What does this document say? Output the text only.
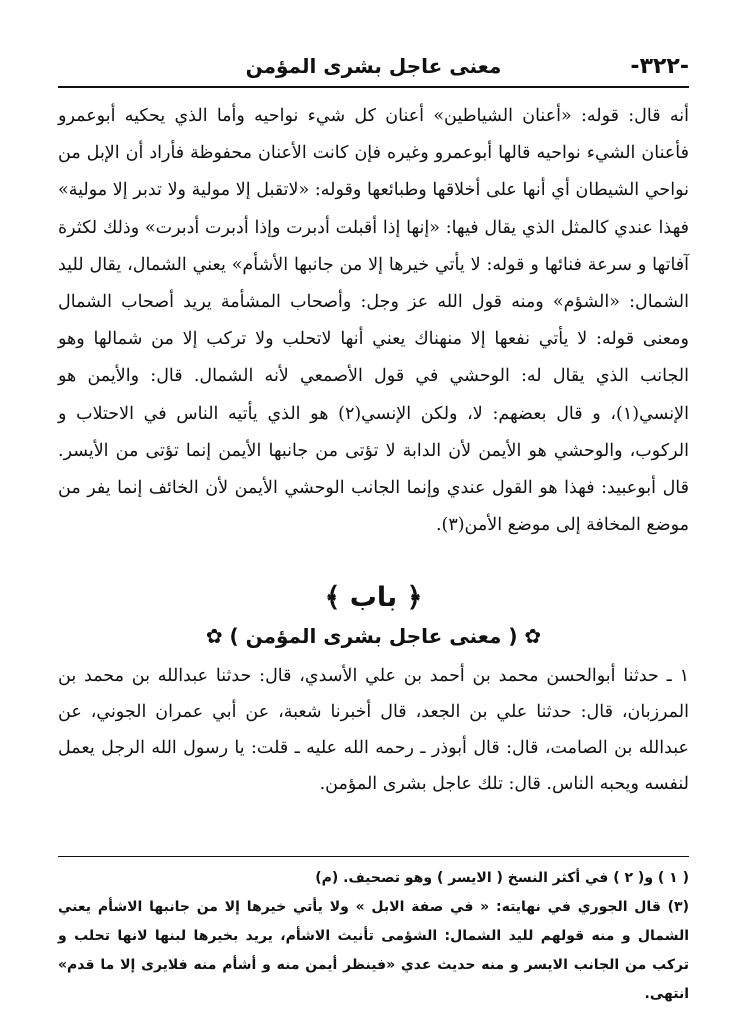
-٣٢٢-
معنى عاجل بشرى المؤمن

أنه قال: قوله: «أعنان الشياطين» أعنان كل شيء نواحيه وأما الذي يحكيه أبوعمرو فأعنان الشيء نواحيه قالها أبوعمرو وغيره فإن كانت الأعنان محفوظة فأراد أن الإبل من نواحي الشيطان أي أنها على أخلاقها وطبائعها وقوله: «لاتقبل إلا مولية ولا تدبر إلا مولية» فهذا عندي كالمثل الذي يقال فيها: «إنها إذا أقبلت أدبرت وإذا أدبرت أدبرت» وذلك لكثرة آفاتها و سرعة فنائها و قوله: لا يأتي خيرها إلا من جانبها الأشأم» يعني الشمال، يقال لليد الشمال: «الشؤم» ومنه قول الله عز وجل: وأصحاب المشأمة يريد أصحاب الشمال ومعنى قوله: لا يأتي نفعها إلا منهناك يعني أنها لاتحلب ولا تركب إلا من شمالها وهو الجانب الذي يقال له: الوحشي في قول الأصمعي لأنه الشمال. قال: والأيمن هو الإنسي(١)، و قال بعضهم: لا، ولكن الإنسي(٢) هو الذي يأتيه الناس في الاحتلاب و الركوب، والوحشي هو الأيمن لأن الدابة لا تؤتى من جانبها الأيمن إنما تؤتى من الأيسر. قال أبوعبيد: فهذا هو القول عندي وإنما الجانب الوحشي الأيمن لأن الخائف إنما يفر من موضع المخافة إلى موضع الأمن(٣).

﴿ باب ﴾
✿ ( معنى عاجل بشرى المؤمن ) ✿

١ ـ حدثنا أبوالحسن محمد بن أحمد بن علي الأسدي، قال: حدثنا عبدالله بن محمد بن المرزبان، قال: حدثنا علي بن الجعد، قال أخبرنا شعبة، عن أبي عمران الجوني، عن عبدالله بن الصامت، قال: قال أبوذر ـ رحمه الله عليه ـ قلت: يا رسول الله الرجل يعمل لنفسه ويحبه الناس. قال: تلك عاجل بشرى المؤمن.

( ١ ) و( ٢ ) في أكثر النسخ ( الايسر ) وهو تصحيف. (م)

(٣) قال الجوري في نهايته: « في صفة الابل » ولا يأتي خيرها إلا من جانبها الاشأم يعني الشمال و منه قولهم لليد الشمال: الشؤمى تأنيث الاشأم، يريد بخيرها لبنها لانها تحلب و تركب من الجانب الايسر و منه حديث عدي «فينظر أيمن منه و أشأم منه فلايرى إلا ما قدم» انتهى.
